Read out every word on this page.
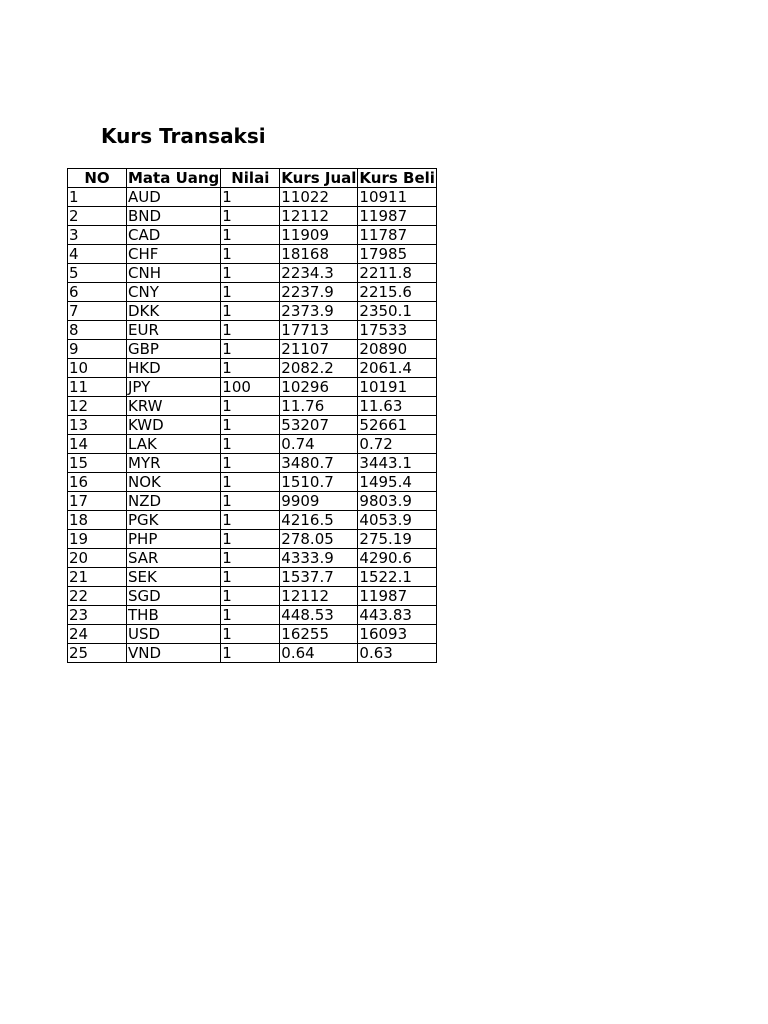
Kurs Transaksi
NO	Mata Uang	Nilai	Kurs Jual	Kurs Beli

1	AUD	1	11022	10911
2	BND	1	12112	11987
3	CAD	1	11909	11787
4	CHF	1	18168	17985
5	CNH	1	2234.3	2211.8
6	CNY	1	2237.9	2215.6
7	DKK	1	2373.9	2350.1
8	EUR	1	17713	17533
9	GBP	1	21107	20890
10	HKD	1	2082.2	2061.4
11	JPY	100	10296	10191
12	KRW	1	11.76	11.63
13	KWD	1	53207	52661
14	LAK	1	0.74	0.72
15	MYR	1	3480.7	3443.1
16	NOK	1	1510.7	1495.4
17	NZD	1	9909	9803.9
18	PGK	1	4216.5	4053.9
19	PHP	1	278.05	275.19
20	SAR	1	4333.9	4290.6
21	SEK	1	1537.7	1522.1
22	SGD	1	12112	11987
23	THB	1	448.53	443.83
24	USD	1	16255	16093
25	VND	1	0.64	0.63
